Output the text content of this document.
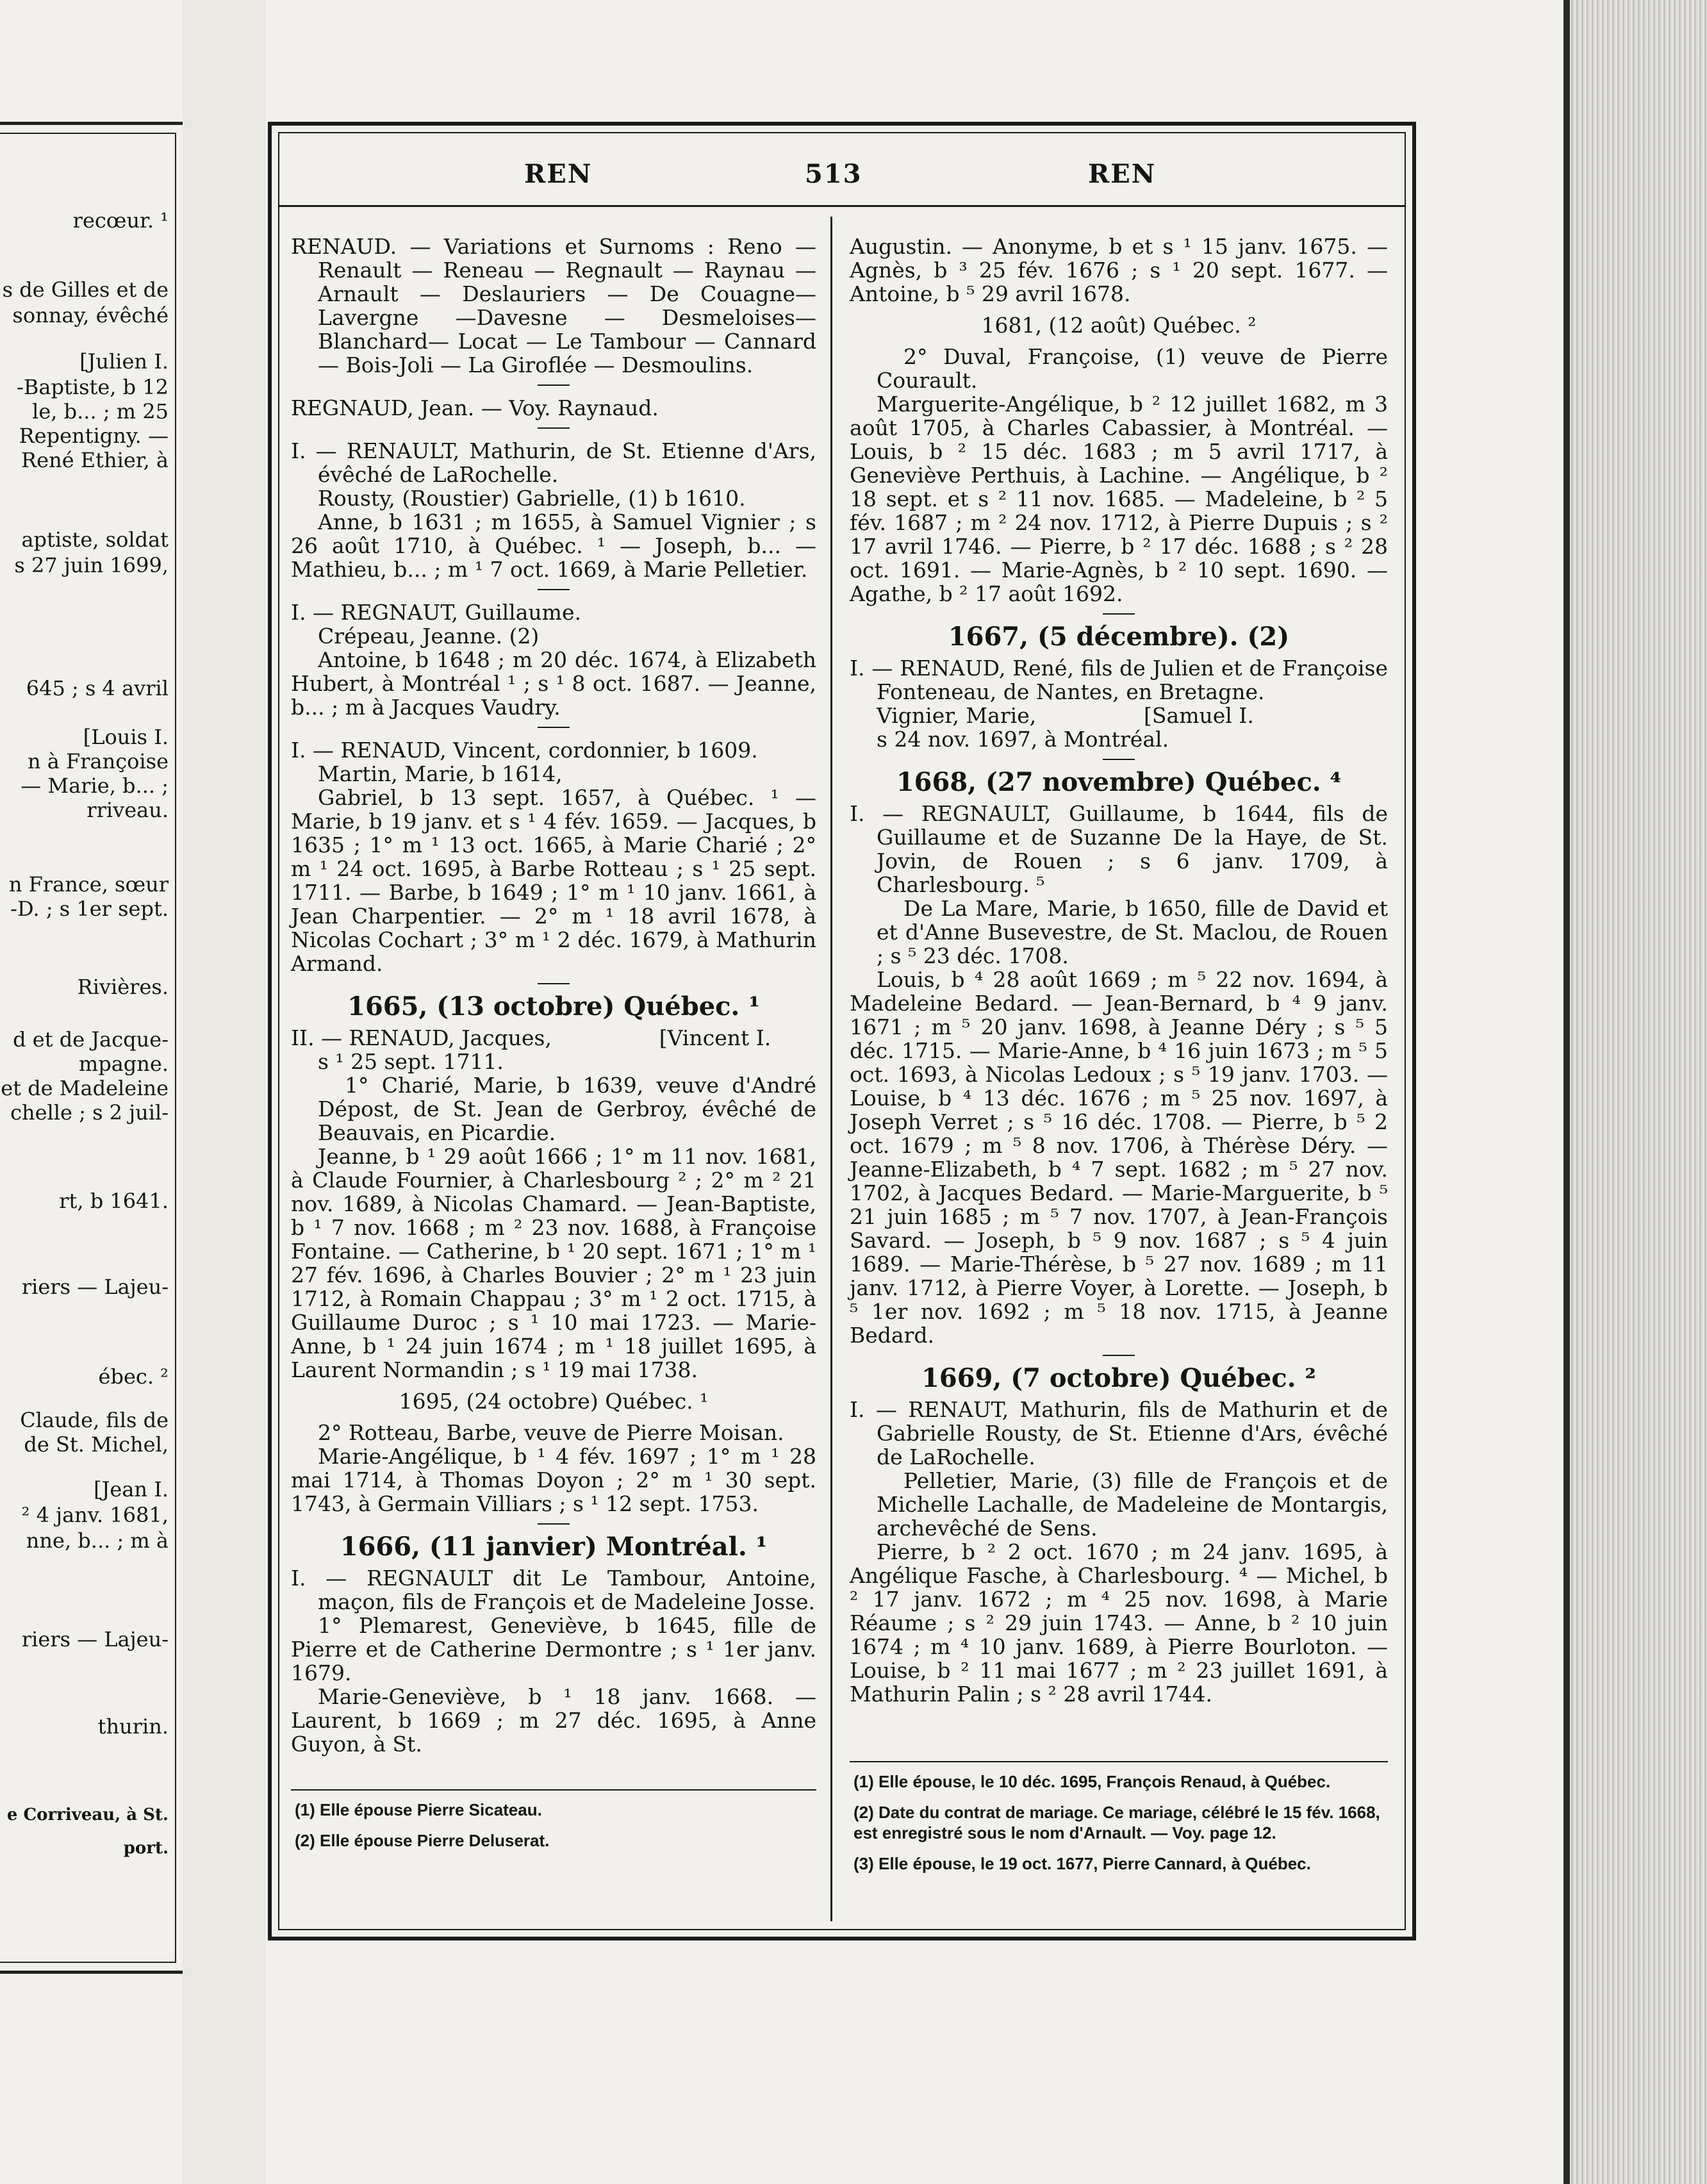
recœur. ¹
s de Gilles et de
sonnay, évêché
[Julien I.
-Baptiste, b 12
le, b... ; m 25
Repentigny. —
René Ethier, à
aptiste, soldat
s 27 juin 1699,
645 ; s 4 avril
[Louis I.
n à Françoise
— Marie, b... ;
rriveau.
n France, sœur
-D. ; s 1er sept.
Rivières.
d et de Jacque-
mpagne.
et de Madeleine
chelle ; s 2 juil-
rt, b 1641.
riers — Lajeu-
ébec. ²
Claude, fils de
de St. Michel,
[Jean I.
² 4 janv. 1681,
nne, b... ; m à
riers — Lajeu-
thurin.
e Corriveau, à St.
port.
REN	513	REN

RENAUD. — Variations et Surnoms : Reno — Renault — Reneau — Regnault — Raynau — Arnault — Deslauriers — De Couagne— Lavergne —Davesne — Desmeloises— Blanchard— Locat — Le Tambour — Cannard — Bois-Joli — La Giroflée — Desmoulins.

REGNAUD, Jean. — Voy. Raynaud.

I. — RENAULT, Mathurin, de St. Etienne d'Ars, évêché de LaRochelle.

Rousty, (Roustier) Gabrielle, (1) b 1610.

Anne, b 1631 ; m 1655, à Samuel Vignier ; s 26 août 1710, à Québec. ¹ — Joseph, b... — Mathieu, b... ; m ¹ 7 oct. 1669, à Marie Pelletier.

I. — REGNAUT, Guillaume.

Crépeau, Jeanne. (2)

Antoine, b 1648 ; m 20 déc. 1674, à Elizabeth Hubert, à Montréal ¹ ; s ¹ 8 oct. 1687. — Jeanne, b... ; m à Jacques Vaudry.

I. — RENAUD, Vincent, cordonnier, b 1609.

Martin, Marie, b 1614,

Gabriel, b 13 sept. 1657, à Québec. ¹ — Marie, b 19 janv. et s ¹ 4 fév. 1659. — Jacques, b 1635 ; 1° m ¹ 13 oct. 1665, à Marie Charié ; 2° m ¹ 24 oct. 1695, à Barbe Rotteau ; s ¹ 25 sept. 1711. — Barbe, b 1649 ; 1° m ¹ 10 janv. 1661, à Jean Charpentier. — 2° m ¹ 18 avril 1678, à Nicolas Cochart ; 3° m ¹ 2 déc. 1679, à Mathurin Armand.

1665, (13 octobre) Québec. ¹

II. — RENAUD, Jacques,                [Vincent I.

s ¹ 25 sept. 1711.

1° Charié, Marie, b 1639, veuve d'André Dépost, de St. Jean de Gerbroy, évêché de Beauvais, en Picardie.

Jeanne, b ¹ 29 août 1666 ; 1° m 11 nov. 1681, à Claude Fournier, à Charlesbourg ² ; 2° m ² 21 nov. 1689, à Nicolas Chamard. — Jean-Baptiste, b ¹ 7 nov. 1668 ; m ² 23 nov. 1688, à Françoise Fontaine. — Catherine, b ¹ 20 sept. 1671 ; 1° m ¹ 27 fév. 1696, à Charles Bouvier ; 2° m ¹ 23 juin 1712, à Romain Chappau ; 3° m ¹ 2 oct. 1715, à Guillaume Duroc ; s ¹ 10 mai 1723. — Marie-Anne, b ¹ 24 juin 1674 ; m ¹ 18 juillet 1695, à Laurent Normandin ; s ¹ 19 mai 1738.

1695, (24 octobre) Québec. ¹

2° Rotteau, Barbe, veuve de Pierre Moisan.

Marie-Angélique, b ¹ 4 fév. 1697 ; 1° m ¹ 28 mai 1714, à Thomas Doyon ; 2° m ¹ 30 sept. 1743, à Germain Villiars ; s ¹ 12 sept. 1753.

1666, (11 janvier) Montréal. ¹

I. — REGNAULT dit Le Tambour, Antoine, maçon, fils de François et de Madeleine Josse.

1° Plemarest, Geneviève, b 1645, fille de Pierre et de Catherine Dermontre ; s ¹ 1er janv. 1679.

Marie-Geneviève, b ¹ 18 janv. 1668. — Laurent, b 1669 ; m 27 déc. 1695, à Anne Guyon, à St.

Augustin. — Anonyme, b et s ¹ 15 janv. 1675. — Agnès, b ³ 25 fév. 1676 ; s ¹ 20 sept. 1677. — Antoine, b ⁵ 29 avril 1678.

1681, (12 août) Québec. ²

2° Duval, Françoise, (1) veuve de Pierre Courault.

Marguerite-Angélique, b ² 12 juillet 1682, m 3 août 1705, à Charles Cabassier, à Montréal. — Louis, b ² 15 déc. 1683 ; m 5 avril 1717, à Geneviève Perthuis, à Lachine. — Angélique, b ² 18 sept. et s ² 11 nov. 1685. — Madeleine, b ² 5 fév. 1687 ; m ² 24 nov. 1712, à Pierre Dupuis ; s ² 17 avril 1746. — Pierre, b ² 17 déc. 1688 ; s ² 28 oct. 1691. — Marie-Agnès, b ² 10 sept. 1690. — Agathe, b ² 17 août 1692.

1667, (5 décembre). (2)

I. — RENAUD, René, fils de Julien et de Françoise Fonteneau, de Nantes, en Bretagne.

Vignier, Marie,                [Samuel I.

s 24 nov. 1697, à Montréal.

1668, (27 novembre) Québec. ⁴

I. — REGNAULT, Guillaume, b 1644, fils de Guillaume et de Suzanne De la Haye, de St. Jovin, de Rouen ; s 6 janv. 1709, à Charlesbourg. ⁵

De La Mare, Marie, b 1650, fille de David et et d'Anne Busevestre, de St. Maclou, de Rouen ; s ⁵ 23 déc. 1708.

Louis, b ⁴ 28 août 1669 ; m ⁵ 22 nov. 1694, à Madeleine Bedard. — Jean-Bernard, b ⁴ 9 janv. 1671 ; m ⁵ 20 janv. 1698, à Jeanne Déry ; s ⁵ 5 déc. 1715. — Marie-Anne, b ⁴ 16 juin 1673 ; m ⁵ 5 oct. 1693, à Nicolas Ledoux ; s ⁵ 19 janv. 1703. — Louise, b ⁴ 13 déc. 1676 ; m ⁵ 25 nov. 1697, à Joseph Verret ; s ⁵ 16 déc. 1708. — Pierre, b ⁵ 2 oct. 1679 ; m ⁵ 8 nov. 1706, à Thérèse Déry. — Jeanne-Elizabeth, b ⁴ 7 sept. 1682 ; m ⁵ 27 nov. 1702, à Jacques Bedard. — Marie-Marguerite, b ⁵ 21 juin 1685 ; m ⁵ 7 nov. 1707, à Jean-François Savard. — Joseph, b ⁵ 9 nov. 1687 ; s ⁵ 4 juin 1689. — Marie-Thérèse, b ⁵ 27 nov. 1689 ; m 11 janv. 1712, à Pierre Voyer, à Lorette. — Joseph, b ⁵ 1er nov. 1692 ; m ⁵ 18 nov. 1715, à Jeanne Bedard.

1669, (7 octobre) Québec. ²

I. — RENAUT, Mathurin, fils de Mathurin et de Gabrielle Rousty, de St. Etienne d'Ars, évêché de LaRochelle.

Pelletier, Marie, (3) fille de François et de Michelle Lachalle, de Madeleine de Montargis, archevêché de Sens.

Pierre, b ² 2 oct. 1670 ; m 24 janv. 1695, à Angélique Fasche, à Charlesbourg. ⁴ — Michel, b ² 17 janv. 1672 ; m ⁴ 25 nov. 1698, à Marie Réaume ; s ² 29 juin 1743. — Anne, b ² 10 juin 1674 ; m ⁴ 10 janv. 1689, à Pierre Bourloton. — Louise, b ² 11 mai 1677 ; m ² 23 juillet 1691, à Mathurin Palin ; s ² 28 avril 1744.

(1) Elle épouse Pierre Sicateau.

(2) Elle épouse Pierre Deluserat.

(1) Elle épouse, le 10 déc. 1695, François Renaud, à Québec.

(2) Date du contrat de mariage. Ce mariage, célébré le 15 fév. 1668, est enregistré sous le nom d'Arnault. — Voy. page 12.

(3) Elle épouse, le 19 oct. 1677, Pierre Cannard, à Québec.
